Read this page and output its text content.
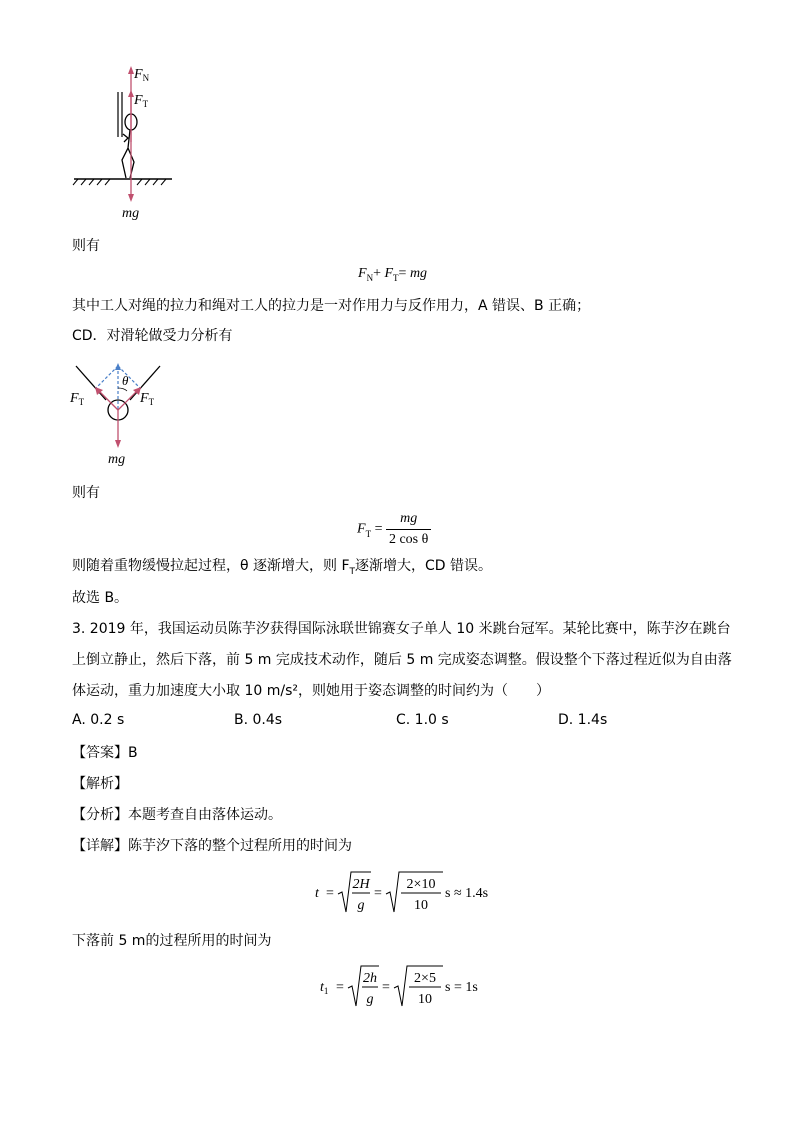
$F_N$
$F_T$
mg
则有
$F_N+ F_T=$ mg
其中工人对绳的拉力和绳对工人的拉力是一对作用力与反作用力，A 错误、B 正确；
CD．对滑轮做受力分析有
$F_T$	$F_T$
θ
mg
则有
$F_T = \frac{mg}{\text{2 cos θ}}$
则随着重物缓慢拉起过程，θ 逐渐增大，则 $F_T$逐渐增大，CD 错误。
故选 B。
3. 2019 年，我国运动员陈芋汐获得国际泳联世锦赛女子单人 10 米跳台冠军。某轮比赛中，陈芋汐在跳台
上倒立静止，然后下落，前 5 m 完成技术动作，随后 5 m 完成姿态调整。假设整个下落过程近似为自由落
体运动，重力加速度大小取 10 m/s²，则她用于姿态调整的时间约为（　　）
A. 0.2 s	B. 0.4s	C. 1.0 s	D. 1.4s
【答案】B
【解析】
【分析】本题考查自由落体运动。
【详解】陈芋汐下落的整个过程所用的时间为
t =
2H
g
=
2×10
10
s ≈ 1.4s
下落前 5 m的过程所用的时间为
$t_1$ =
2h
g
=
2×5
10
s = 1s
